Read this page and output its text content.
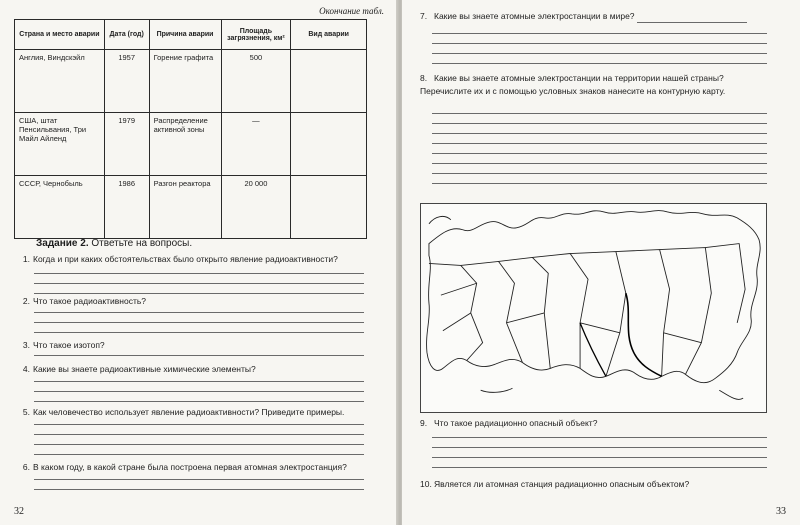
Окончание табл.
Страна и место аварии	Дата (год)	Причина аварии	Площадь загрязнения, км²	Вид аварии
Англия, Виндскэйл	1957	Горение графита	500	
США, штат Пенсильвания, Три Майл Айленд	1979	Распределение активной зоны	—	
СССР, Чернобыль	1986	Разгон реактора	20 000	
Задание 2. Ответьте на вопросы.
1. Когда и при каких обстоятельствах было открыто явление радиоактивности?
2. Что такое радиоактивность?
3. Что такое изотоп?
4. Какие вы знаете радиоактивные химические элементы?
5. Как человечество использует явление радиоактивности? Приведите примеры.
6. В каком году, в какой стране была построена первая атомная электростанция?
32
7. Какие вы знаете атомные электростанции в мире?
8. Какие вы знаете атомные электростанции на территории нашей страны? Перечислите их и с помощью условных знаков нанесите на контурную карту.
9. Что такое радиационно опасный объект?
10. Является ли атомная станция радиационно опасным объектом?
33
